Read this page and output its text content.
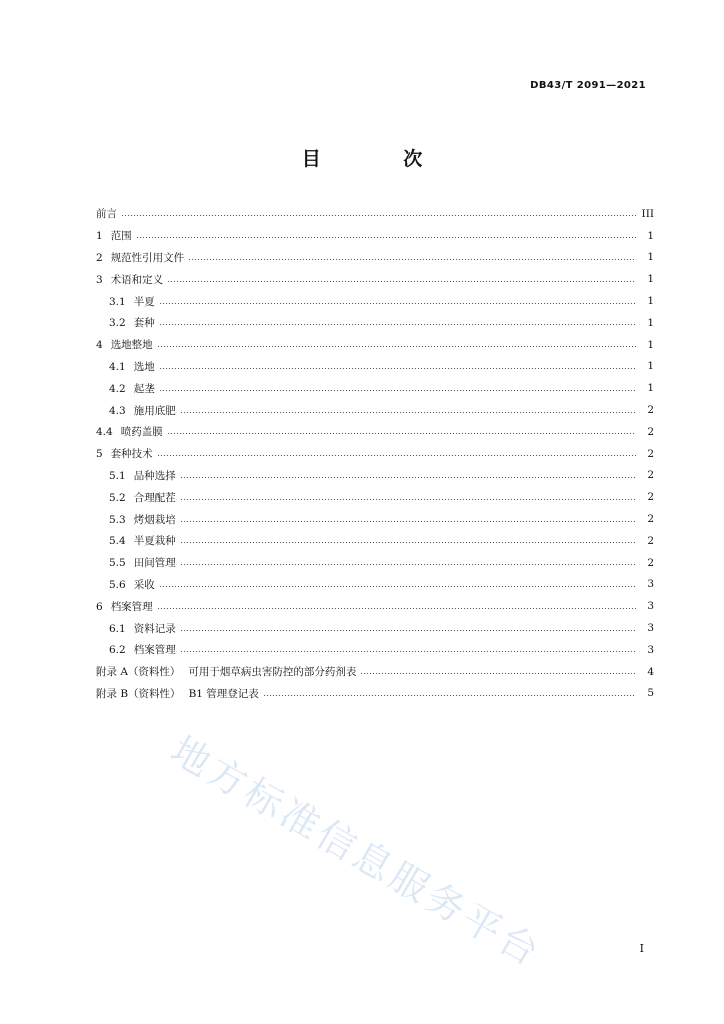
DB43/T 2091—2021
目 次
前言	III
1 范围	1
2 规范性引用文件	1
3 术语和定义	1
3.1 半夏	1
3.2 套种	1
4 选地整地	1
4.1 选地	1
4.2 起垄	1
4.3 施用底肥	2
4.4 喷药盖膜	2
5 套种技术	2
5.1 品种选择	2
5.2 合理配茬	2
5.3 烤烟栽培	2
5.4 半夏栽种	2
5.5 田间管理	2
5.6 采收	3
6 档案管理	3
6.1 资料记录	3
6.2 档案管理	3
附录 A（资料性） 可用于烟草病虫害防控的部分药剂表	4
附录 B（资料性） B1 管理登记表	5
地方标准信息服务平台	I
